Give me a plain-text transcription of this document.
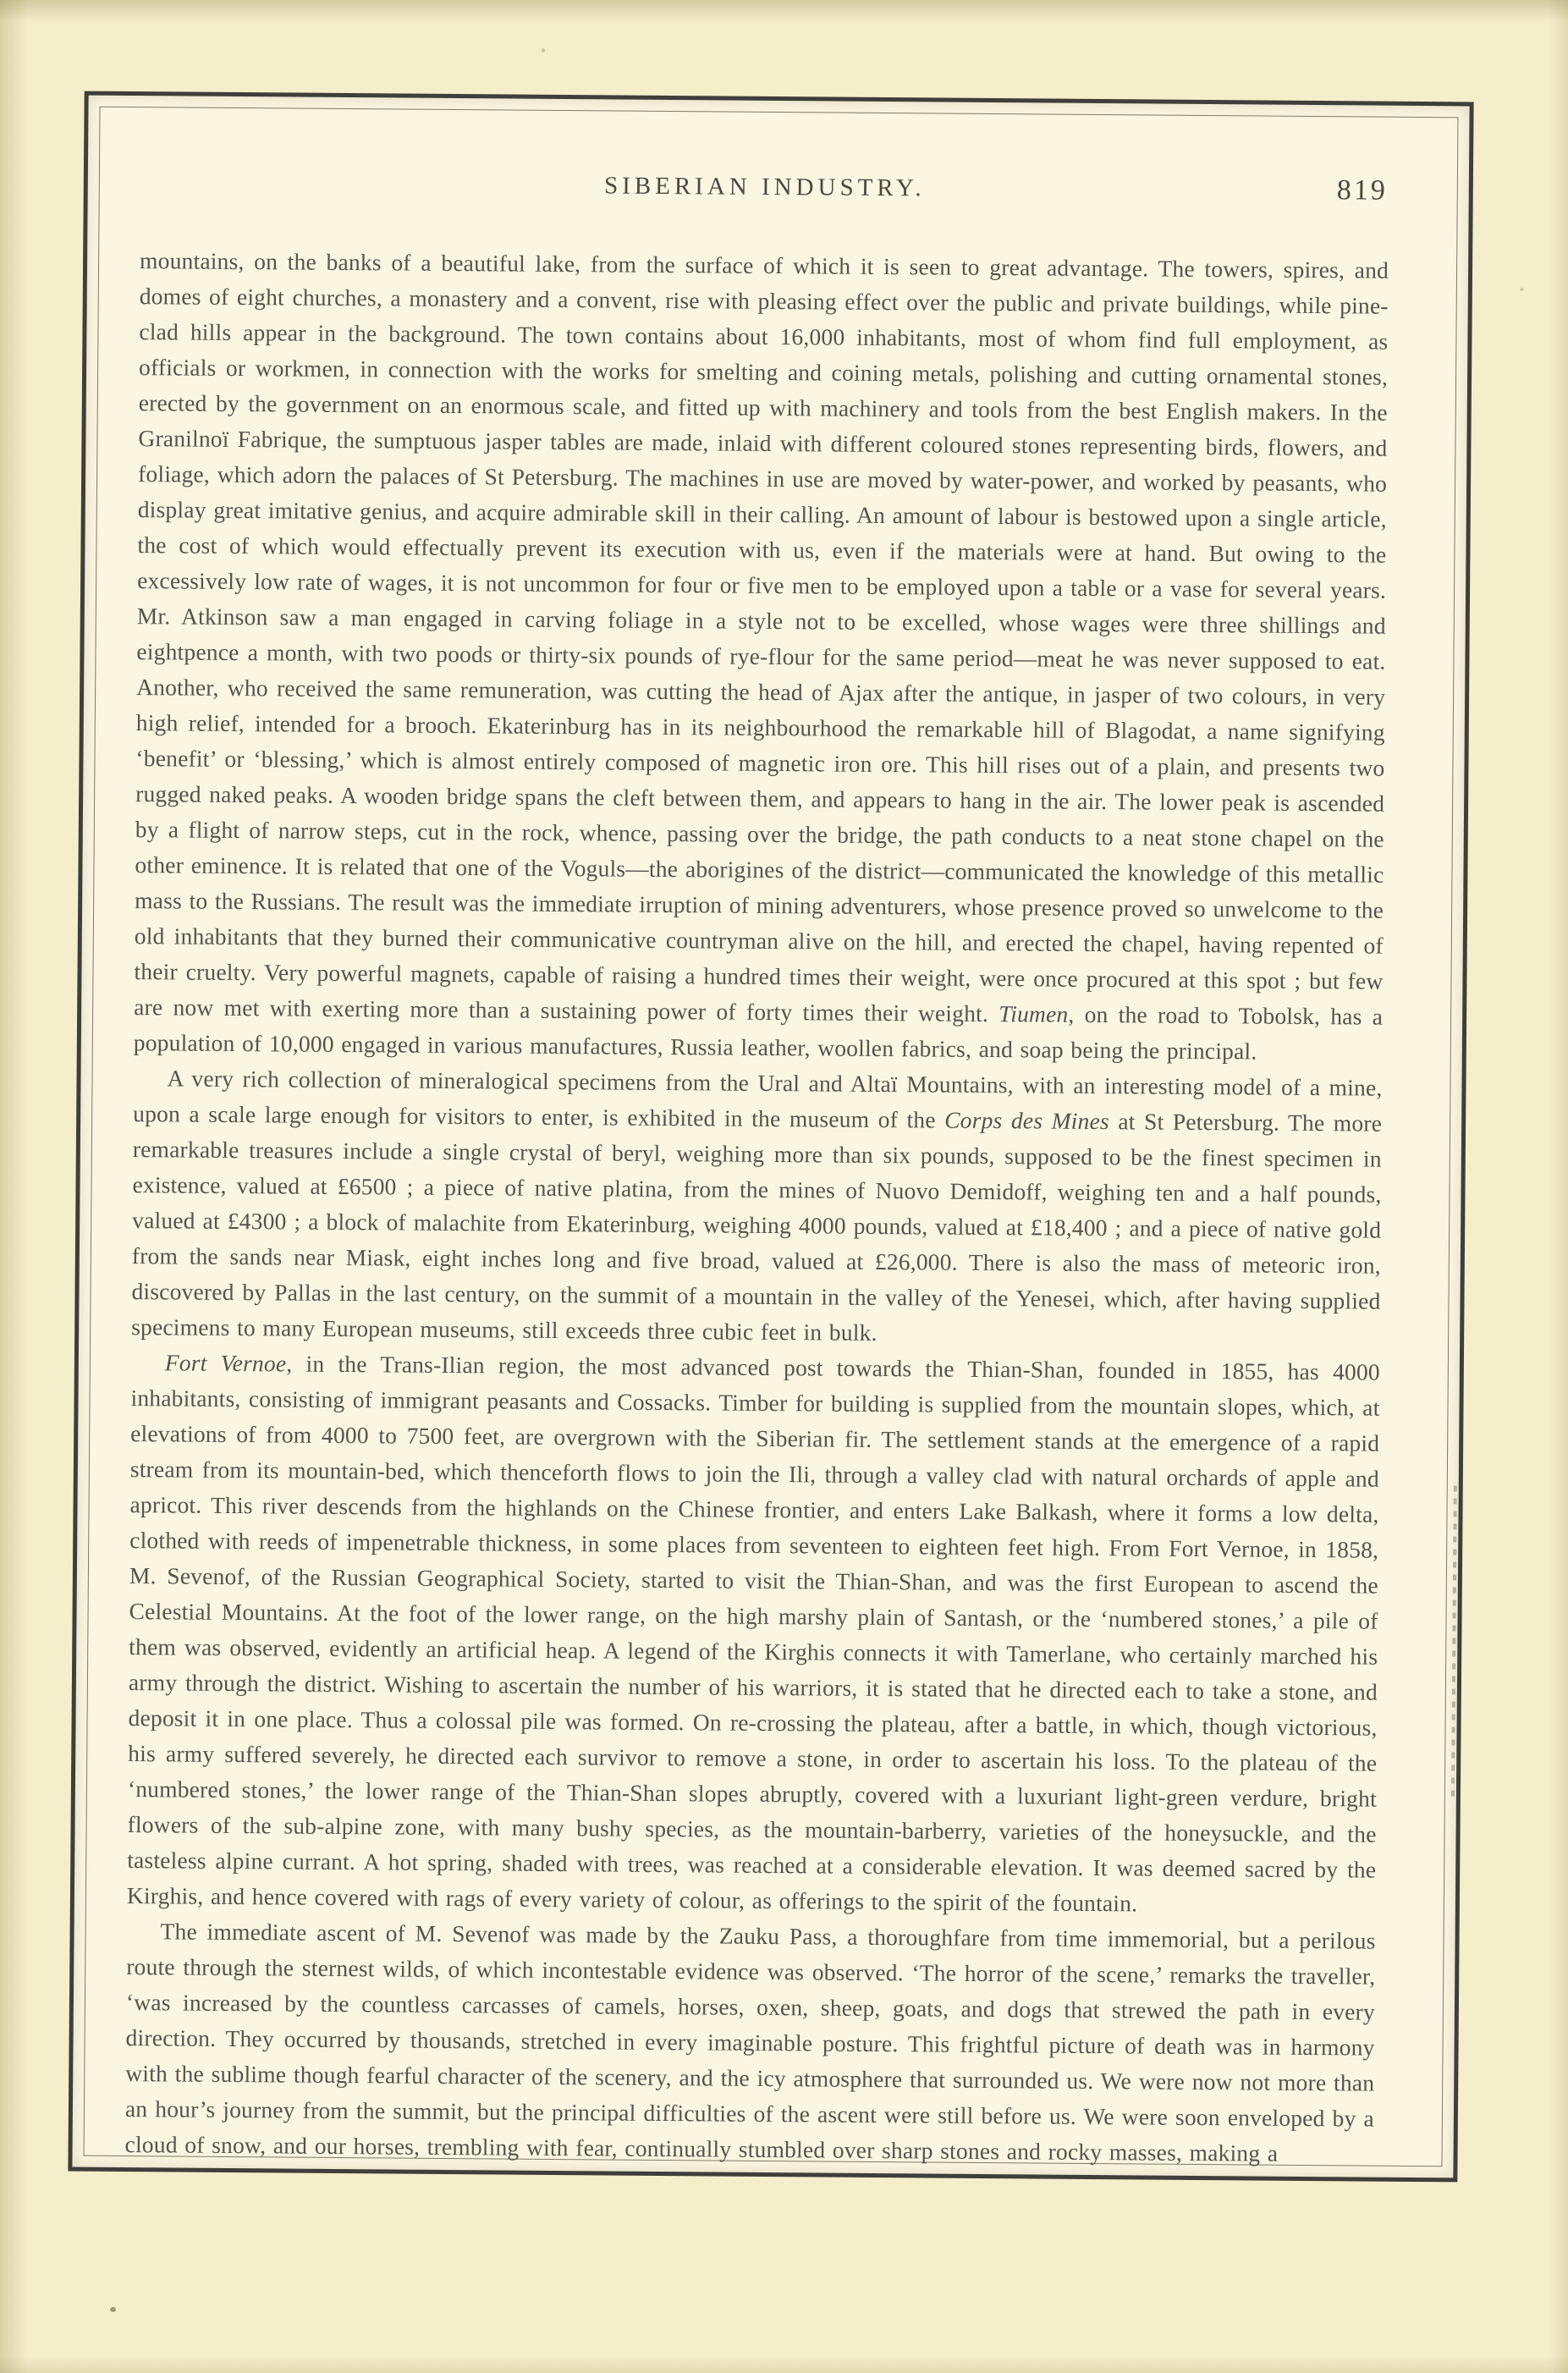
SIBERIAN INDUSTRY.	819

mountains, on the banks of a beautiful lake, from the surface of which it is seen to great advantage. The towers, spires, and domes of eight churches, a monastery and a convent, rise with pleasing effect over the public and private buildings, while pine-clad hills appear in the background. The town contains about 16,000 inhabitants, most of whom find full employment, as officials or workmen, in connection with the works for smelting and coining metals, polishing and cutting ornamental stones, erected by the government on an enormous scale, and fitted up with machinery and tools from the best English makers. In the Granilnoï Fabrique, the sumptuous jasper tables are made, inlaid with different coloured stones representing birds, flowers, and foliage, which adorn the palaces of St Petersburg. The machines in use are moved by water-power, and worked by peasants, who display great imitative genius, and acquire admirable skill in their calling. An amount of labour is bestowed upon a single article, the cost of which would effectually prevent its execution with us, even if the materials were at hand. But owing to the excessively low rate of wages, it is not uncommon for four or five men to be employed upon a table or a vase for several years. Mr. Atkinson saw a man engaged in carving foliage in a style not to be excelled, whose wages were three shillings and eightpence a month, with two poods or thirty-six pounds of rye-flour for the same period—meat he was never supposed to eat. Another, who received the same remuneration, was cutting the head of Ajax after the antique, in jasper of two colours, in very high relief, intended for a brooch. Ekaterinburg has in its neighbourhood the remarkable hill of Blagodat, a name signifying ‘benefit’ or ‘blessing,’ which is almost entirely composed of magnetic iron ore. This hill rises out of a plain, and presents two rugged naked peaks. A wooden bridge spans the cleft between them, and appears to hang in the air. The lower peak is ascended by a flight of narrow steps, cut in the rock, whence, passing over the bridge, the path conducts to a neat stone chapel on the other eminence. It is related that one of the Voguls—the aborigines of the district—communicated the knowledge of this metallic mass to the Russians. The result was the immediate irruption of mining adventurers, whose presence proved so unwelcome to the old inhabitants that they burned their communicative countryman alive on the hill, and erected the chapel, having repented of their cruelty. Very powerful magnets, capable of raising a hundred times their weight, were once procured at this spot ; but few are now met with exerting more than a sustaining power of forty times their weight. Tiumen, on the road to Tobolsk, has a population of 10,000 engaged in various manufactures, Russia leather, woollen fabrics, and soap being the principal.

A very rich collection of mineralogical specimens from the Ural and Altaï Mountains, with an interesting model of a mine, upon a scale large enough for visitors to enter, is exhibited in the museum of the Corps des Mines at St Petersburg. The more remarkable treasures include a single crystal of beryl, weighing more than six pounds, supposed to be the finest specimen in existence, valued at £6500 ; a piece of native platina, from the mines of Nuovo Demidoff, weighing ten and a half pounds, valued at £4300 ; a block of malachite from Ekaterinburg, weighing 4000 pounds, valued at £18,400 ; and a piece of native gold from the sands near Miask, eight inches long and five broad, valued at £26,000. There is also the mass of meteoric iron, discovered by Pallas in the last century, on the summit of a mountain in the valley of the Yenesei, which, after having supplied specimens to many European museums, still exceeds three cubic feet in bulk.

Fort Vernoe, in the Trans-Ilian region, the most advanced post towards the Thian-Shan, founded in 1855, has 4000 inhabitants, consisting of immigrant peasants and Cossacks. Timber for building is supplied from the mountain slopes, which, at elevations of from 4000 to 7500 feet, are overgrown with the Siberian fir. The settlement stands at the emergence of a rapid stream from its mountain-bed, which thenceforth flows to join the Ili, through a valley clad with natural orchards of apple and apricot. This river descends from the highlands on the Chinese frontier, and enters Lake Balkash, where it forms a low delta, clothed with reeds of impenetrable thickness, in some places from seventeen to eighteen feet high. From Fort Vernoe, in 1858, M. Sevenof, of the Russian Geographical Society, started to visit the Thian-Shan, and was the first European to ascend the Celestial Mountains. At the foot of the lower range, on the high marshy plain of Santash, or the ‘numbered stones,’ a pile of them was observed, evidently an artificial heap. A legend of the Kirghis connects it with Tamerlane, who certainly marched his army through the district. Wishing to ascertain the number of his warriors, it is stated that he directed each to take a stone, and deposit it in one place. Thus a colossal pile was formed. On re-crossing the plateau, after a battle, in which, though victorious, his army suffered severely, he directed each survivor to remove a stone, in order to ascertain his loss. To the plateau of the ‘numbered stones,’ the lower range of the Thian-Shan slopes abruptly, covered with a luxuriant light-green verdure, bright flowers of the sub-alpine zone, with many bushy species, as the mountain-barberry, varieties of the honeysuckle, and the tasteless alpine currant. A hot spring, shaded with trees, was reached at a considerable elevation. It was deemed sacred by the Kirghis, and hence covered with rags of every variety of colour, as offerings to the spirit of the fountain.

The immediate ascent of M. Sevenof was made by the Zauku Pass, a thoroughfare from time immemorial, but a perilous route through the sternest wilds, of which incontestable evidence was observed. ‘The horror of the scene,’ remarks the traveller, ‘was increased by the countless carcasses of camels, horses, oxen, sheep, goats, and dogs that strewed the path in every direction. They occurred by thousands, stretched in every imaginable posture. This frightful picture of death was in harmony with the sublime though fearful character of the scenery, and the icy atmosphere that surrounded us. We were now not more than an hour’s journey from the summit, but the principal difficulties of the ascent were still before us. We were soon enveloped by a cloud of snow, and our horses, trembling with fear, continually stumbled over sharp stones and rocky masses, making a
